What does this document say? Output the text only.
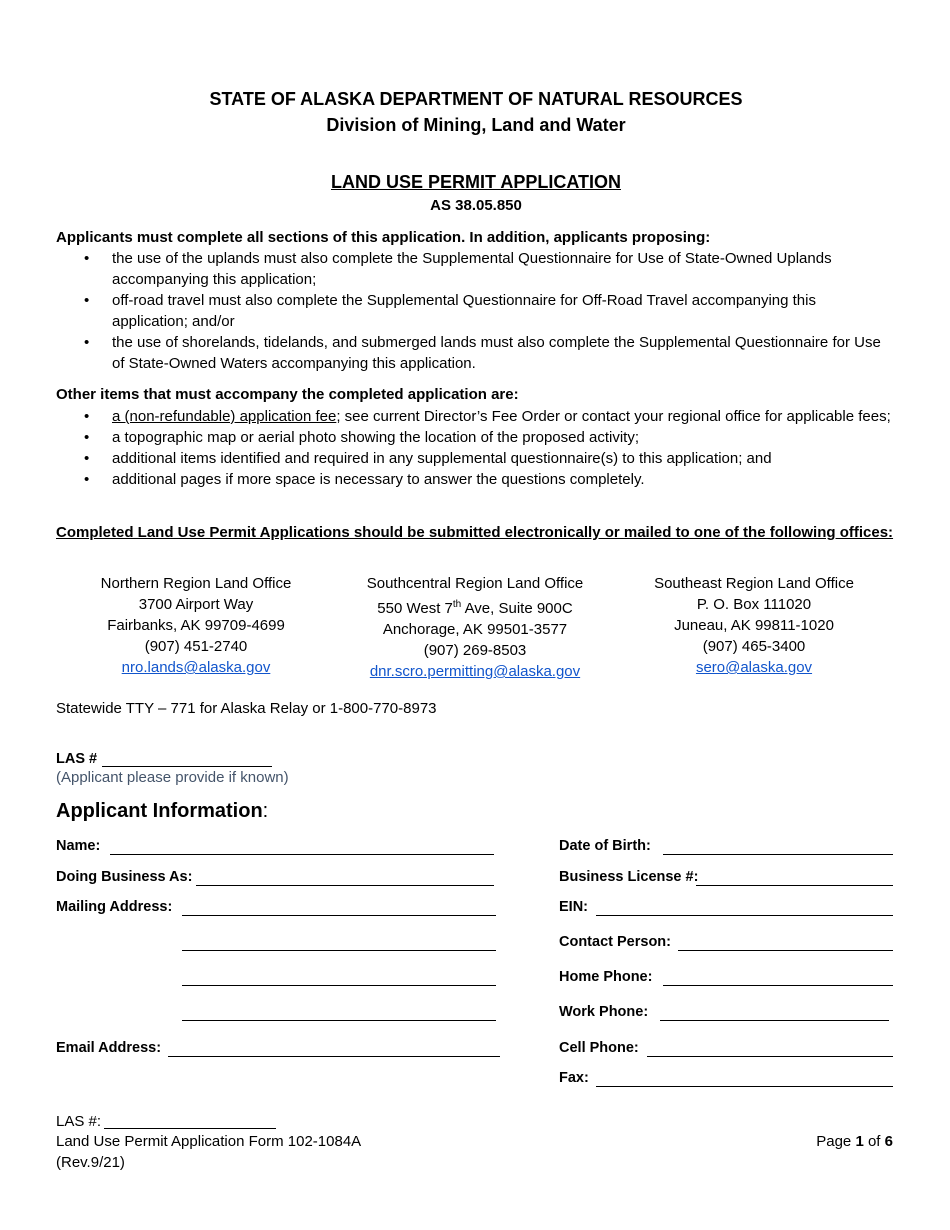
STATE OF ALASKA DEPARTMENT OF NATURAL RESOURCES
Division of Mining, Land and Water
LAND USE PERMIT APPLICATION
AS 38.05.850
Applicants must complete all sections of this application. In addition, applicants proposing:
• the use of the uplands must also complete the Supplemental Questionnaire for Use of State-Owned Uplands accompanying this application;
• off-road travel must also complete the Supplemental Questionnaire for Off-Road Travel accompanying this application; and/or
• the use of shorelands, tidelands, and submerged lands must also complete the Supplemental Questionnaire for Use of State-Owned Waters accompanying this application.
Other items that must accompany the completed application are:
• a (non-refundable) application fee; see current Director’s Fee Order or contact your regional office for applicable fees;
• a topographic map or aerial photo showing the location of the proposed activity;
• additional items identified and required in any supplemental questionnaire(s) to this application; and
• additional pages if more space is necessary to answer the questions completely.
Completed Land Use Permit Applications should be submitted electronically or mailed to one of the following offices:
Northern Region Land Office
3700 Airport Way
Fairbanks, AK 99709-4699
(907) 451-2740
nro.lands@alaska.gov
Southcentral Region Land Office
550 West 7th Ave, Suite 900C
Anchorage, AK 99501-3577
(907) 269-8503
dnr.scro.permitting@alaska.gov
Southeast Region Land Office
P. O. Box 111020
Juneau, AK 99811-1020
(907) 465-3400
sero@alaska.gov
Statewide TTY – 771 for Alaska Relay or 1-800-770-8973
LAS #
(Applicant please provide if known)
Applicant Information:
Name:
Doing Business As:
Mailing Address:
Email Address:
Date of Birth:
Business License #:
EIN:
Contact Person:
Home Phone:
Work Phone:
Cell Phone:
Fax:
LAS #:
Land Use Permit Application Form 102-1084A
(Rev.9/21)
Page 1 of 6
